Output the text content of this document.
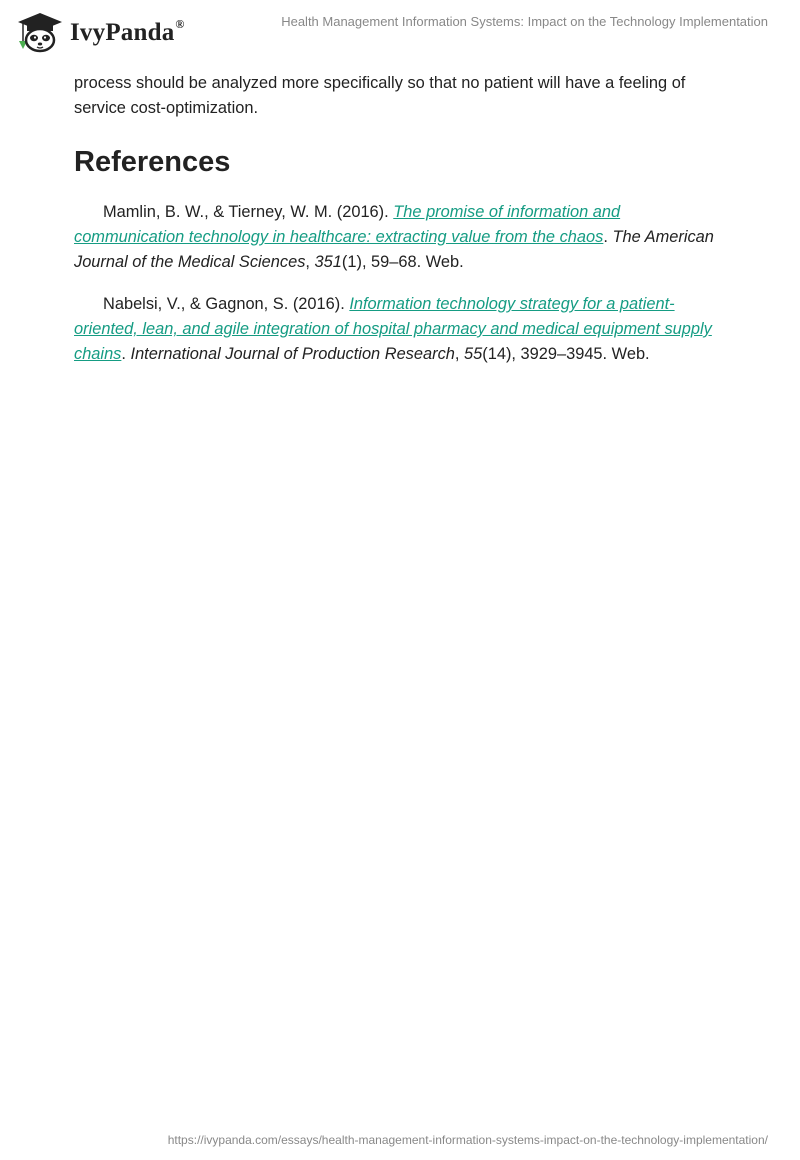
IvyPanda®	Health Management Information Systems: Impact on the Technology Implementation

process should be analyzed more specifically so that no patient will have a feeling of service cost-optimization.

References

Mamlin, B. W., & Tierney, W. M. (2016). The promise of information and communication technology in healthcare: extracting value from the chaos. The American Journal of the Medical Sciences, 351(1), 59–68. Web.

Nabelsi, V., & Gagnon, S. (2016). Information technology strategy for a patient-oriented, lean, and agile integration of hospital pharmacy and medical equipment supply chains. International Journal of Production Research, 55(14), 3929–3945. Web.

https://ivypanda.com/essays/health-management-information-systems-impact-on-the-technology-implementation/
